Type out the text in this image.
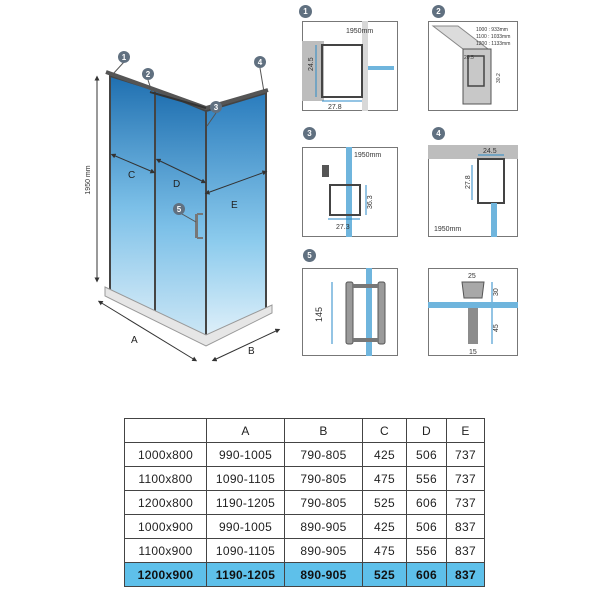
1950 mm	C
D
E
A
B
1
2
3
4
5
1
1950mm
27.8
24.5
2
1000 : 933mm
1100 : 1033mm
1200 : 1133mm
20.5
30.2
3
1950mm
36.3
27.3
4
24.5
27.8
1950mm
5
145
25
30
45
15
	A	B	C	D	E
1000x800	990-1005	790-805	425	506	737
1100x800	1090-1105	790-805	475	556	737
1200x800	1190-1205	790-805	525	606	737
1000x900	990-1005	890-905	425	506	837
1100x900	1090-1105	890-905	475	556	837
1200x900	1190-1205	890-905	525	606	837
